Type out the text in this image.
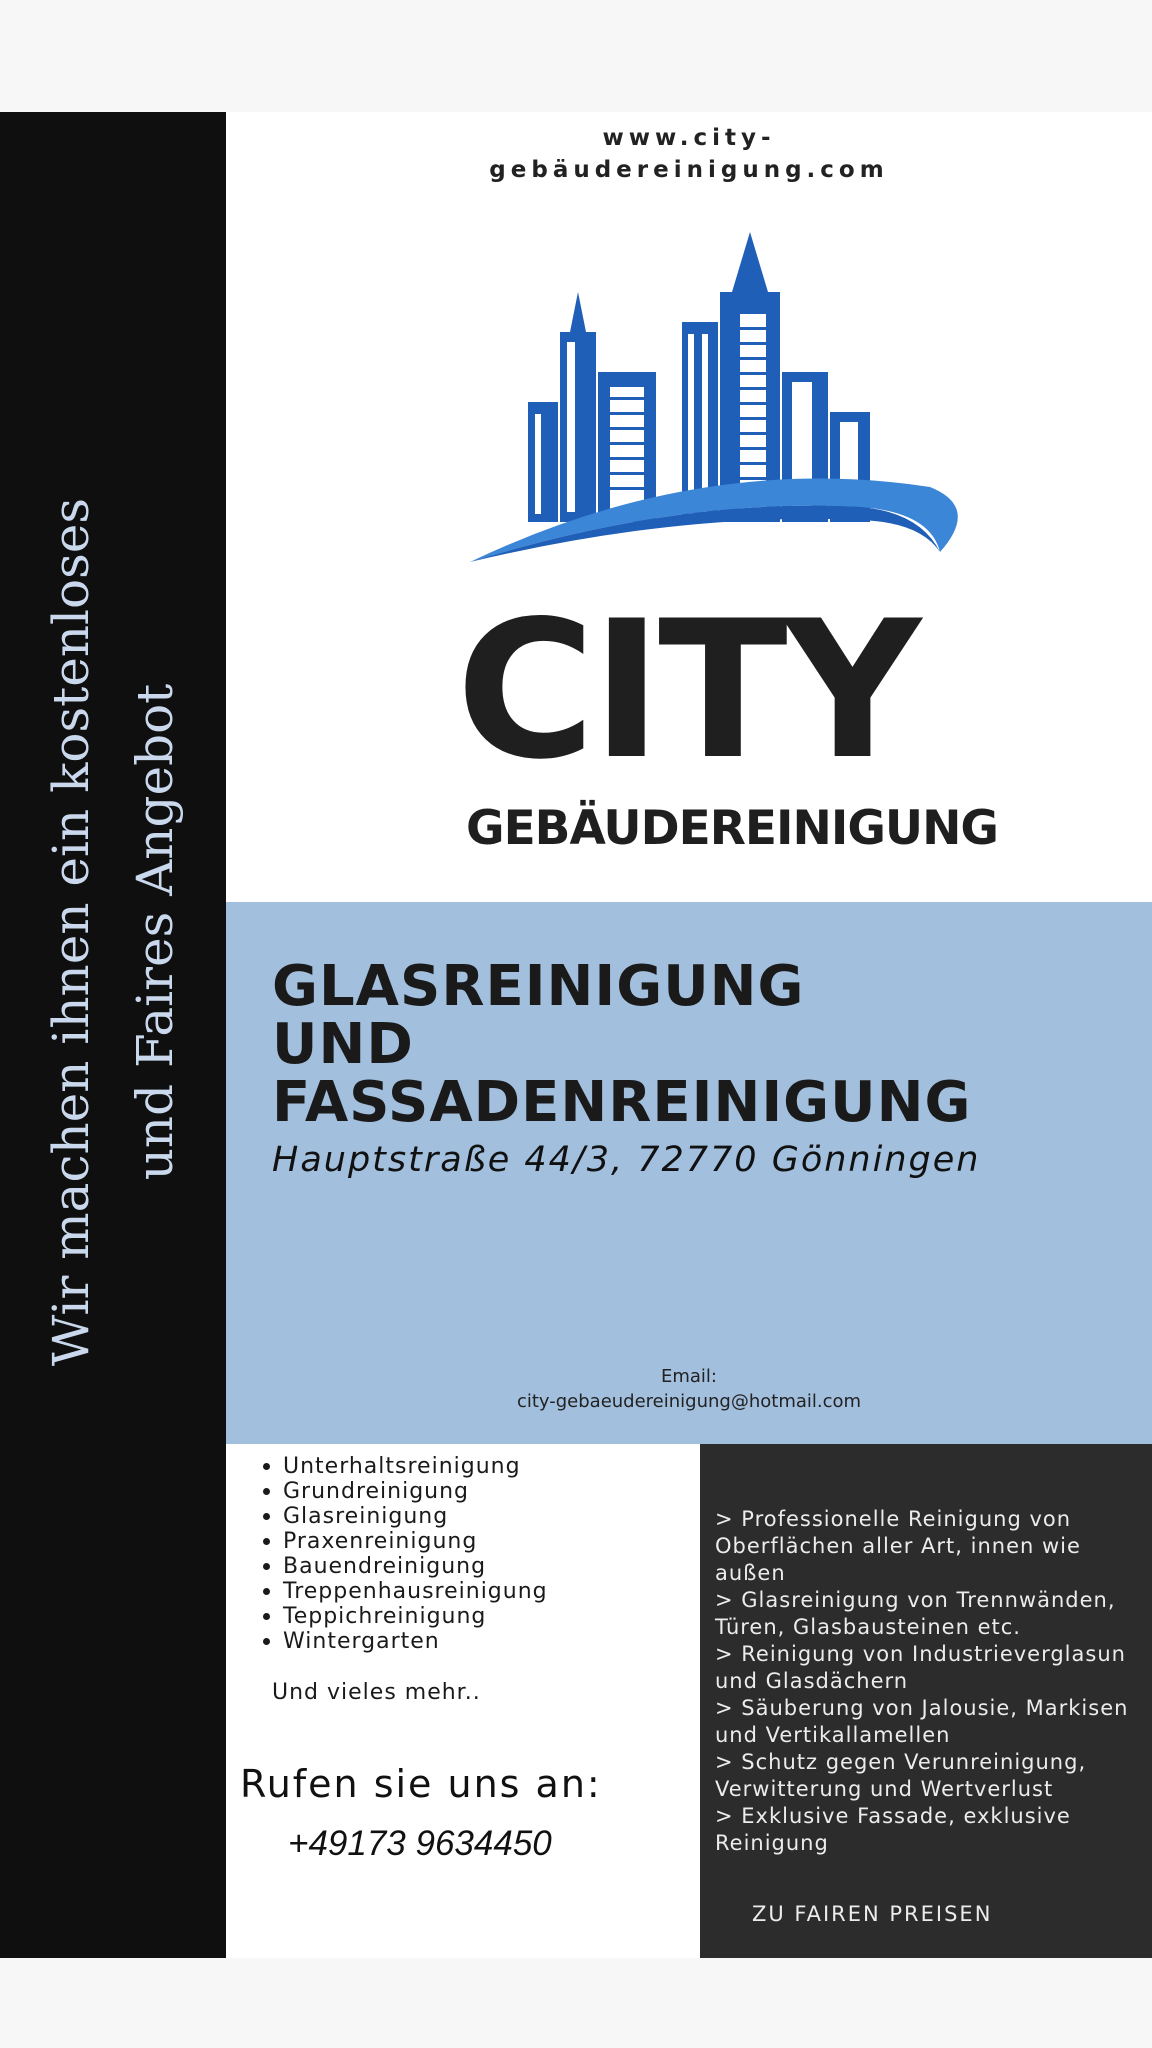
Wir machen ihnen ein kostenloses und Faires Angebot
www.city-
gebäudereinigung.com
CITY
GEBÄUDEREINIGUNG
GLASREINIGUNG
UND
FASSADENREINIGUNG
Hauptstraße 44/3, 72770 Gönningen
Email:
city-gebaeudereinigung@hotmail.com
Unterhaltsreinigung
Grundreinigung
Glasreinigung
Praxenreinigung
Bauendreinigung
Treppenhausreinigung
Teppichreinigung
Wintergarten
Und vieles mehr..
Rufen sie uns an:
+49173 9634450
> Professionelle Reinigung von
Oberflächen aller Art, innen wie
außen
> Glasreinigung von Trennwänden,
Türen, Glasbausteinen etc.
> Reinigung von Industrieverglasun
und Glasdächern
> Säuberung von Jalousie, Markisen
und Vertikallamellen
> Schutz gegen Verunreinigung,
Verwitterung und Wertverlust
> Exklusive Fassade, exklusive
Reinigung
ZU FAIREN PREISEN
